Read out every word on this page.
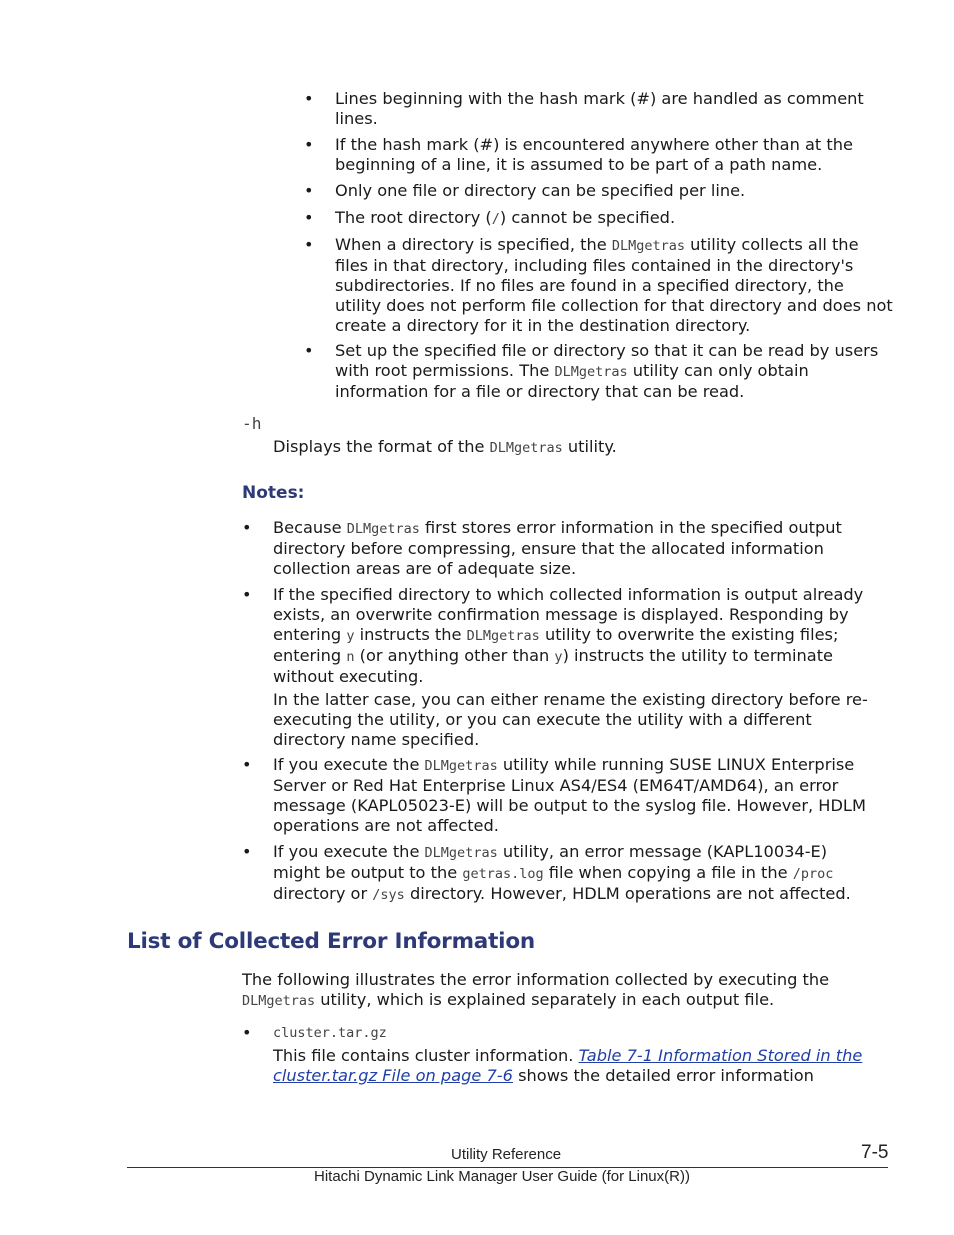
• Lines beginning with the hash mark (#) are handled as comment lines.
• If the hash mark (#) is encountered anywhere other than at the beginning of a line, it is assumed to be part of a path name.
• Only one file or directory can be specified per line.
• The root directory (/) cannot be specified.
• When a directory is specified, the DLMgetras utility collects all the files in that directory, including files contained in the directory's subdirectories. If no files are found in a specified directory, the utility does not perform file collection for that directory and does not create a directory for it in the destination directory.
• Set up the specified file or directory so that it can be read by users with root permissions. The DLMgetras utility can only obtain information for a file or directory that can be read.
-h
Displays the format of the DLMgetras utility.
Notes:
• Because DLMgetras first stores error information in the specified output directory before compressing, ensure that the allocated information collection areas are of adequate size.
• If the specified directory to which collected information is output already exists, an overwrite confirmation message is displayed. Responding by entering y instructs the DLMgetras utility to overwrite the existing files; entering n (or anything other than y) instructs the utility to terminate without executing.
In the latter case, you can either rename the existing directory before re-executing the utility, or you can execute the utility with a different directory name specified.
• If you execute the DLMgetras utility while running SUSE LINUX Enterprise Server or Red Hat Enterprise Linux AS4/ES4 (EM64T/AMD64), an error message (KAPL05023-E) will be output to the syslog file. However, HDLM operations are not affected.
• If you execute the DLMgetras utility, an error message (KAPL10034-E) might be output to the getras.log file when copying a file in the /proc directory or /sys directory. However, HDLM operations are not affected.
List of Collected Error Information
The following illustrates the error information collected by executing the DLMgetras utility, which is explained separately in each output file.
• cluster.tar.gz
This file contains cluster information. Table 7-1 Information Stored in the cluster.tar.gz File on page 7-6 shows the detailed error information
Utility Reference	7-5
Hitachi Dynamic Link Manager User Guide (for Linux(R))
